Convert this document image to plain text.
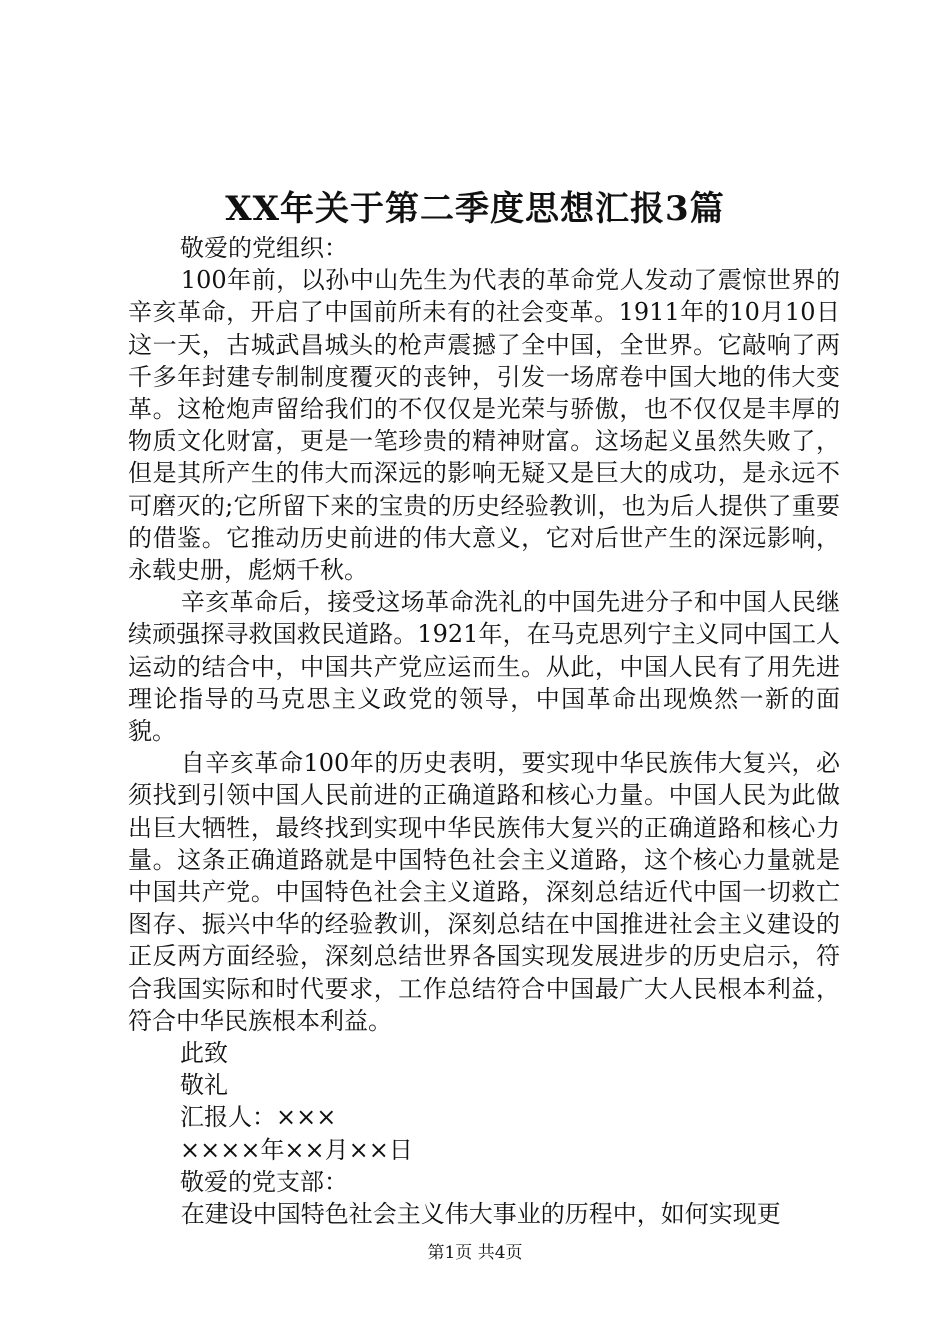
XX年关于第二季度思想汇报3篇

敬爱的党组织：

100年前，以孙中山先生为代表的革命党人发动了震惊世界的辛亥革命，开启了中国前所未有的社会变革。1911年的10月10日这一天，古城武昌城头的枪声震撼了全中国，全世界。它敲响了两千多年封建专制制度覆灭的丧钟，引发一场席卷中国大地的伟大变革。这枪炮声留给我们的不仅仅是光荣与骄傲，也不仅仅是丰厚的物质文化财富，更是一笔珍贵的精神财富。这场起义虽然失败了，但是其所产生的伟大而深远的影响无疑又是巨大的成功，是永远不可磨灭的;它所留下来的宝贵的历史经验教训，也为后人提供了重要的借鉴。它推动历史前进的伟大意义，它对后世产生的深远影响，永载史册，彪炳千秋。

辛亥革命后，接受这场革命洗礼的中国先进分子和中国人民继续顽强探寻救国救民道路。1921年，在马克思列宁主义同中国工人运动的结合中，中国共产党应运而生。从此，中国人民有了用先进理论指导的马克思主义政党的领导，中国革命出现焕然一新的面貌。

自辛亥革命100年的历史表明，要实现中华民族伟大复兴，必须找到引领中国人民前进的正确道路和核心力量。中国人民为此做出巨大牺牲，最终找到实现中华民族伟大复兴的正确道路和核心力量。这条正确道路就是中国特色社会主义道路，这个核心力量就是中国共产党。中国特色社会主义道路，深刻总结近代中国一切救亡图存、振兴中华的经验教训，深刻总结在中国推进社会主义建设的正反两方面经验，深刻总结世界各国实现发展进步的历史启示，符合我国实际和时代要求，工作总结符合中国最广大人民根本利益，符合中华民族根本利益。

此致

敬礼

汇报人：×××

××××年××月××日

敬爱的党支部：

在建设中国特色社会主义伟大事业的历程中，如何实现更

第1页 共4页
